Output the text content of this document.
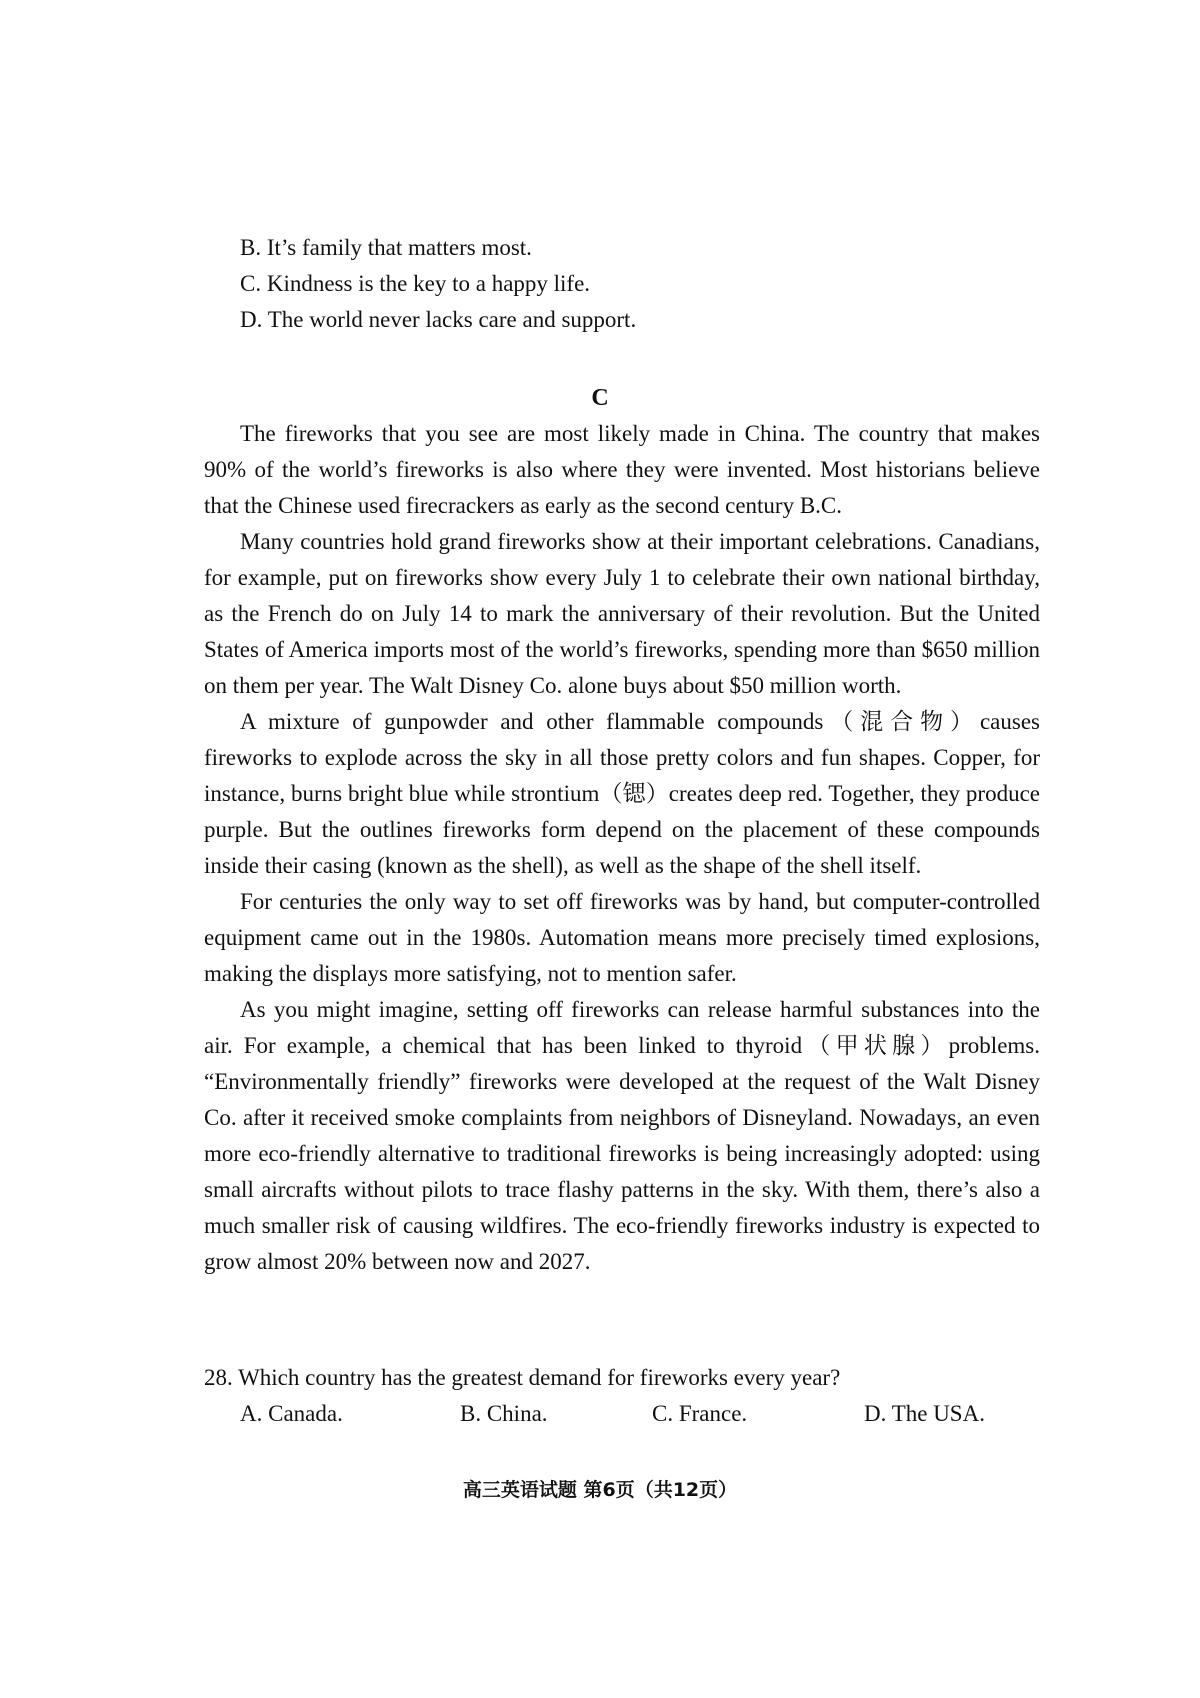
B. It’s family that matters most.
C. Kindness is the key to a happy life.
D. The world never lacks care and support.
C

The fireworks that you see are most likely made in China. The country that makes 90% of the world’s fireworks is also where they were invented. Most historians believe that the Chinese used firecrackers as early as the second century B.C.

Many countries hold grand fireworks show at their important celebrations. Canadians, for example, put on fireworks show every July 1 to celebrate their own national birthday, as the French do on July 14 to mark the anniversary of their revolution. But the United States of America imports most of the world’s fireworks, spending more than $650 million on them per year. The Walt Disney Co. alone buys about $50 million worth.

A mixture of gunpowder and other flammable compounds（混合物）causes fireworks to explode across the sky in all those pretty colors and fun shapes. Copper, for instance, burns bright blue while strontium（锶）creates deep red. Together, they produce purple. But the outlines fireworks form depend on the placement of these compounds inside their casing (known as the shell), as well as the shape of the shell itself.

For centuries the only way to set off fireworks was by hand, but computer-controlled equipment came out in the 1980s. Automation means more precisely timed explosions, making the displays more satisfying, not to mention safer.

As you might imagine, setting off fireworks can release harmful substances into the air. For example, a chemical that has been linked to thyroid（甲状腺）problems. “Environmentally friendly” fireworks were developed at the request of the Walt Disney Co. after it received smoke complaints from neighbors of Disneyland. Nowadays, an even more eco-friendly alternative to traditional fireworks is being increasingly adopted: using small aircrafts without pilots to trace flashy patterns in the sky. With them, there’s also a much smaller risk of causing wildfires. The eco-friendly fireworks industry is expected to grow almost 20% between now and 2027.

28. Which country has the greatest demand for fireworks every year?
A. Canada.	B. China.	C. France.	D. The USA.
高三英语试题 第6页（共12页）
